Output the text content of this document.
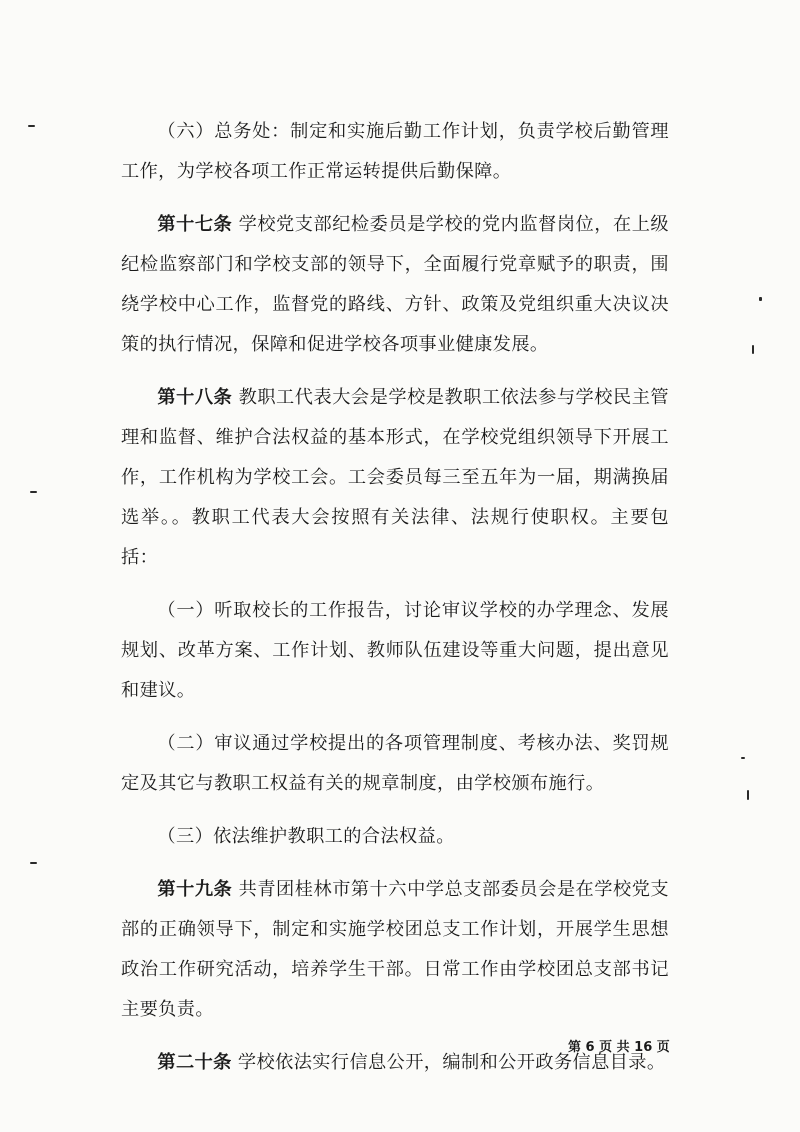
（六）总务处：制定和实施后勤工作计划，负责学校后勤管理工作，为学校各项工作正常运转提供后勤保障。

第十七条 学校党支部纪检委员是学校的党内监督岗位，在上级纪检监察部门和学校支部的领导下，全面履行党章赋予的职责，围绕学校中心工作，监督党的路线、方针、政策及党组织重大决议决策的执行情况，保障和促进学校各项事业健康发展。

第十八条 教职工代表大会是学校是教职工依法参与学校民主管理和监督、维护合法权益的基本形式，在学校党组织领导下开展工作，工作机构为学校工会。工会委员每三至五年为一届，期满换届选举。。教职工代表大会按照有关法律、法规行使职权。主要包括：

（一）听取校长的工作报告，讨论审议学校的办学理念、发展规划、改革方案、工作计划、教师队伍建设等重大问题，提出意见和建议。

（二）审议通过学校提出的各项管理制度、考核办法、奖罚规定及其它与教职工权益有关的规章制度，由学校颁布施行。

（三）依法维护教职工的合法权益。

第十九条 共青团桂林市第十六中学总支部委员会是在学校党支部的正确领导下，制定和实施学校团总支工作计划，开展学生思想政治工作研究活动，培养学生干部。日常工作由学校团总支部书记主要负责。

第二十条 学校依法实行信息公开，编制和公开政务信息目录。

第 6 页 共 16 页
